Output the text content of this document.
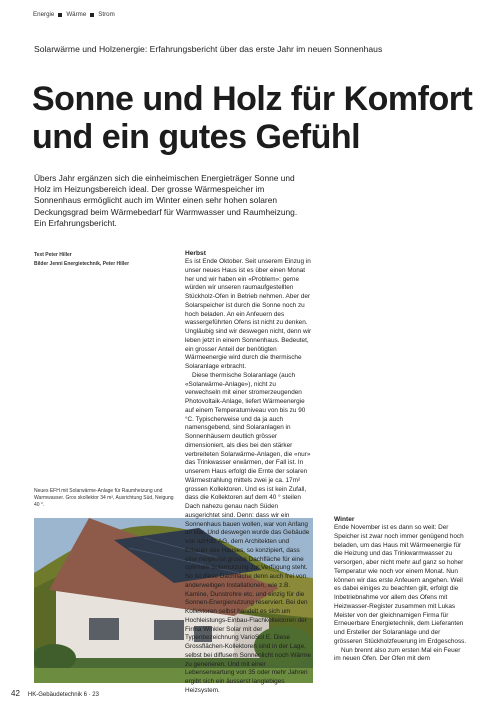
Energie Wärme Strom
Solarwärme und Holzenergie: Erfahrungsbericht über das erste Jahr im neuen Sonnenhaus
Sonne und Holz für Komfort
und ein gutes Gefühl
Übers Jahr ergänzen sich die einheimischen Energieträger Sonne und Holz im Heizungsbereich ideal. Der grosse Wärmespeicher im Sonnenhaus ermöglicht auch im Winter einen sehr hohen solaren Deckungsgrad beim Wärmebedarf für Warmwasser und Raumheizung. Ein Erfahrungsbericht.
Text Peter Hiller
Bilder Jenni Energietechnik, Peter Hiller
Neues EFH mit Solarwärme-Anlage für Raumheizung und Warmwasser. Gros skollektor 34 m², Ausrichtung Süd, Neigung 40 °.
Herbst

Es ist Ende Oktober. Seit unserem Einzug in unser neues Haus ist es über einen Monat her und wir haben ein «Problem»: gerne würden wir unseren raumaufgestellten Stückholz-Ofen in Betrieb nehmen. Aber der Solarspeicher ist durch die Sonne noch zu hoch beladen. An ein Anfeuern des wassergeführten Ofens ist nicht zu denken. Ungläubig sind wir deswegen nicht, denn wir leben jetzt in einem Sonnenhaus. Bedeutet, ein grosser Anteil der benötigten Wärmeenergie wird durch die thermische Solaranlage erbracht.

Diese thermische Solaranlage (auch «Solarwärme-Anlage»), nicht zu verwechseln mit einer stromerzeugenden Photovoltaik-Anlage, liefert Wärmeenergie auf einem Temperaturniveau von bis zu 90 °C. Typischerweise und da ja auch namensgebend, sind Solaranlagen in Sonnenhäusern deutlich grösser dimensioniert, als dies bei den stärker verbreiteten Solarwärme-Anlagen, die «nur» das Trinkwasser erwärmen, der Fall ist. In unserem Haus erfolgt die Ernte der solaren Wärmestrahlung mittels zwei je ca. 17m² grossen Kollektoren. Und es ist kein Zufall, dass die Kollektoren auf dem 40 ° steilen Dach nahezu genau nach Süden ausgerichtet sind. Denn: dass wir ein Sonnenhaus bauen wollen, war von Anfang an klar. Und deswegen wurde das Gebäude von azHolz AG, dem Architekten und Erbauer des Hauses, so konzipiert, dass eine möglichst grosse Dachfläche für eine optimale Solarnutzung zur Verfügung steht. So ist diese Dachfläche denn auch frei von anderweitigen Installationen, wie z.B. Kamine, Dunstrohre etc. und einzig für die Sonnen-Energienutzung reserviert. Bei den Kollektoren selbst handelt es sich um Hochleistungs-Einbau-Flachkollektoren der Firma Winkler Solar mit der Typenbezeichnung VarioSol E. Diese Grossflächen-Kollektoren sind in der Lage, selbst bei diffusem Sonnenlicht noch Wärme zu generieren. Und mit einer Lebenserwartung von 35 oder mehr Jahren ergibt sich ein äusserst langlebiges Heizsystem.

Winter

Ende November ist es dann so weit: Der Speicher ist zwar noch immer genügend hoch beladen, um das Haus mit Wärmeenergie für die Heizung und das Trinkwarmwasser zu versorgen, aber nicht mehr auf ganz so hoher Temperatur wie noch vor einem Monat. Nun können wir das erste Anfeuern angehen. Weil es dabei einiges zu beachten gilt, erfolgt die Inbetriebnahme vor allem des Ofens mit Heizwasser-Register zusammen mit Lukas Meister von der gleichnamigen Firma für Erneuerbare Energietechnik, dem Lieferanten und Ersteller der Solaranlage und der grösseren Stückholzfeuerung im Erdgeschoss.

Nun brennt also zum ersten Mal ein Feuer im neuen Ofen. Der Ofen mit dem

42 HK-Gebäudetechnik 6 · 23
